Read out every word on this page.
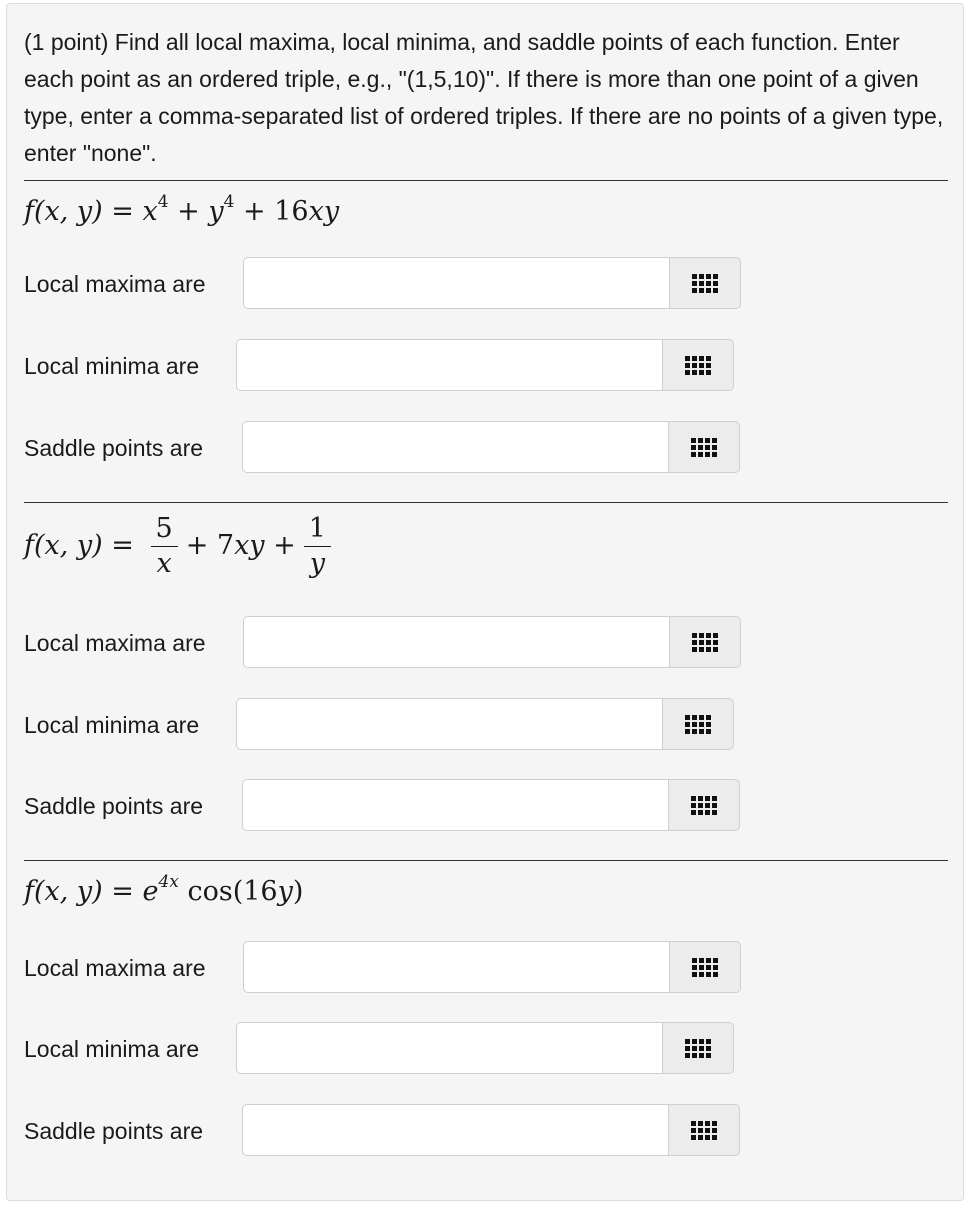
(1 point) Find all local maxima, local minima, and saddle points of each function. Enter each point as an ordered triple, e.g., "(1,5,10)". If there is more than one point of a given type, enter a comma-separated list of ordered triples. If there are no points of a given type, enter "none".

f(x, $y) = x^4 + y^4 + 16xy$
Local maxima are
Local minima are
Saddle points are
f(x, $y) = \frac{5}{x} + 7xy + \frac{1}{y}$
Local maxima are
Local minima are
Saddle points are
f(x, $y) = e^{4x}$ cos(16y)
Local maxima are
Local minima are
Saddle points are
